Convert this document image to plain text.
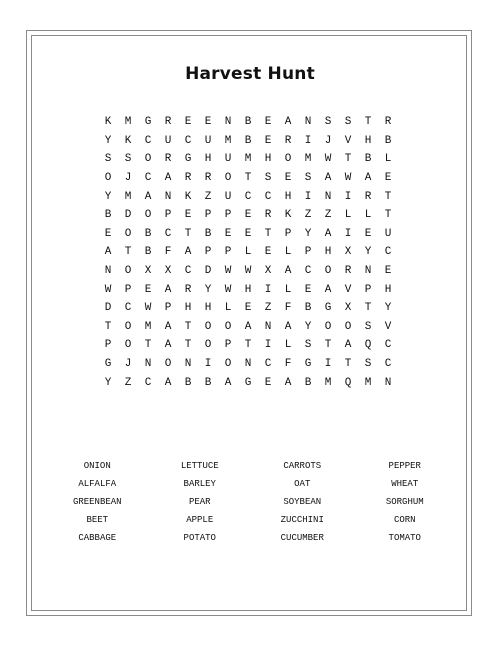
Harvest Hunt
K	M	G	R	E	E	N	B	E	A	N	S	S	T	R
Y	K	C	U	C	U	M	B	E	R	I	J	V	H	B
S	S	O	R	G	H	U	M	H	O	M	W	T	B	L
O	J	C	A	R	R	O	T	S	E	S	A	W	A	E
Y	M	A	N	K	Z	U	C	C	H	I	N	I	R	T
B	D	O	P	E	P	P	E	R	K	Z	Z	L	L	T
E	O	B	C	T	B	E	E	T	P	Y	A	I	E	U
A	T	B	F	A	P	P	L	E	L	P	H	X	Y	C
N	O	X	X	C	D	W	W	X	A	C	O	R	N	E
W	P	E	A	R	Y	W	H	I	L	E	A	V	P	H
D	C	W	P	H	H	L	E	Z	F	B	G	X	T	Y
T	O	M	A	T	O	O	A	N	A	Y	O	O	S	V
P	O	T	A	T	O	P	T	I	L	S	T	A	Q	C
G	J	N	O	N	I	O	N	C	F	G	I	T	S	C
Y	Z	C	A	B	B	A	G	E	A	B	M	Q	M	N
ONION	LETTUCE	CARROTS	PEPPER
ALFALFA	BARLEY	OAT	WHEAT
GREENBEAN	PEAR	SOYBEAN	SORGHUM
BEET	APPLE	ZUCCHINI	CORN
CABBAGE	POTATO	CUCUMBER	TOMATO
